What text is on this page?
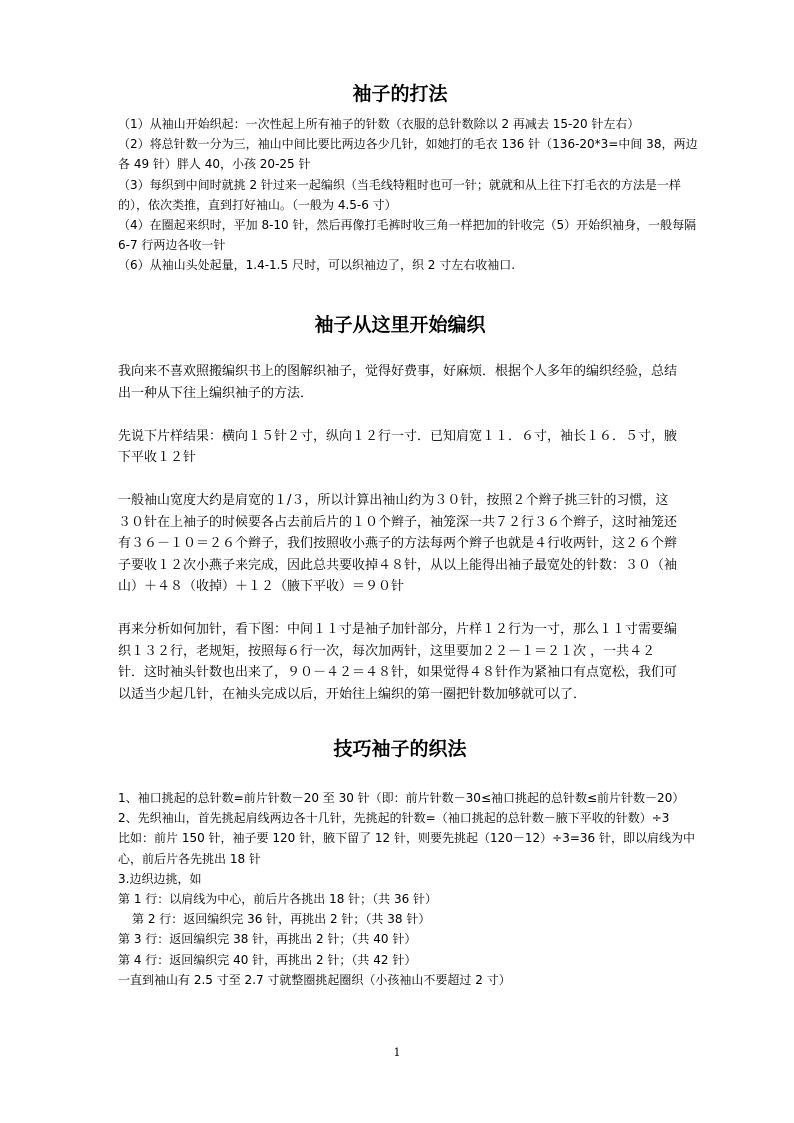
袖子的打法

（1）从袖山开始织起：一次性起上所有袖子的针数（衣服的总针数除以 2 再减去 15-20 针左右）

（2）将总针数一分为三，袖山中间比要比两边各少几针，如她打的毛衣 136 针（136-20*3=中间 38，两边各 49 针）胖人 40，小孩 20-25 针

（3）每织到中间时就挑 2 针过来一起编织（当毛线特粗时也可一针；就就和从上往下打毛衣的方法是一样的），依次类推，直到打好袖山。（一般为 4.5-6 寸）

（4）在圈起来织时，平加 8-10 针，然后再像打毛裤时收三角一样把加的针收完（5）开始织袖身，一般每隔 6-7 行两边各收一针

（6）从袖山头处起量，1.4-1.5 尺时，可以织袖边了，织 2 寸左右收袖口.

袖子从这里开始编织

我向来不喜欢照搬编织书上的图解织袖子，觉得好费事，好麻烦．根据个人多年的编织经验，总结出一种从下往上编织袖子的方法．

先说下片样结果：横向１５针２寸，纵向１２行一寸．已知肩宽１１．６寸，袖长１６．５寸，腋下平收１２针

一般袖山宽度大约是肩宽的１/３，所以计算出袖山约为３０针，按照２个辫子挑三针的习惯，这３０针在上袖子的时候要各占去前后片的１０个辫子，袖笼深一共７２行３６个辫子，这时袖笼还有３６－１０＝２６个辫子，我们按照收小燕子的方法每两个辫子也就是４行收两针，这２６个辫子要收１２次小燕子来完成，因此总共要收掉４８针，从以上能得出袖子最宽处的针数：３０（袖山）＋４８（收掉）＋１２（腋下平收）＝９０针

再来分析如何加针，看下图：中间１１寸是袖子加针部分，片样１２行为一寸，那么１１寸需要编织１３２行，老规矩，按照每６行一次，每次加两针，这里要加２２－１＝２１次 ，一共４２针．这时袖头针数也出来了，９０－４２＝４８针，如果觉得４８针作为紧袖口有点宽松，我们可以适当少起几针，在袖头完成以后，开始往上编织的第一圈把针数加够就可以了．

技巧袖子的织法

1、袖口挑起的总针数=前片针数－20 至 30 针（即：前片针数－30≤袖口挑起的总针数≤前片针数－20）

2、先织袖山，首先挑起肩线两边各十几针，先挑起的针数=（袖口挑起的总针数－腋下平收的针数）÷3

比如：前片 150 针，袖子要 120 针，腋下留了 12 针，则要先挑起（120－12）÷3=36 针，即以肩线为中心，前后片各先挑出 18 针

3.边织边挑，如

第 1 行：以肩线为中心，前后片各挑出 18 针；（共 36 针）

第 2 行：返回编织完 36 针，再挑出 2 针；（共 38 针）

第 3 行：返回编织完 38 针，再挑出 2 针；（共 40 针）

第 4 行：返回编织完 40 针，再挑出 2 针；（共 42 针）

一直到袖山有 2.5 寸至 2.7 寸就整圈挑起圈织（小孩袖山不要超过 2 寸）

1
